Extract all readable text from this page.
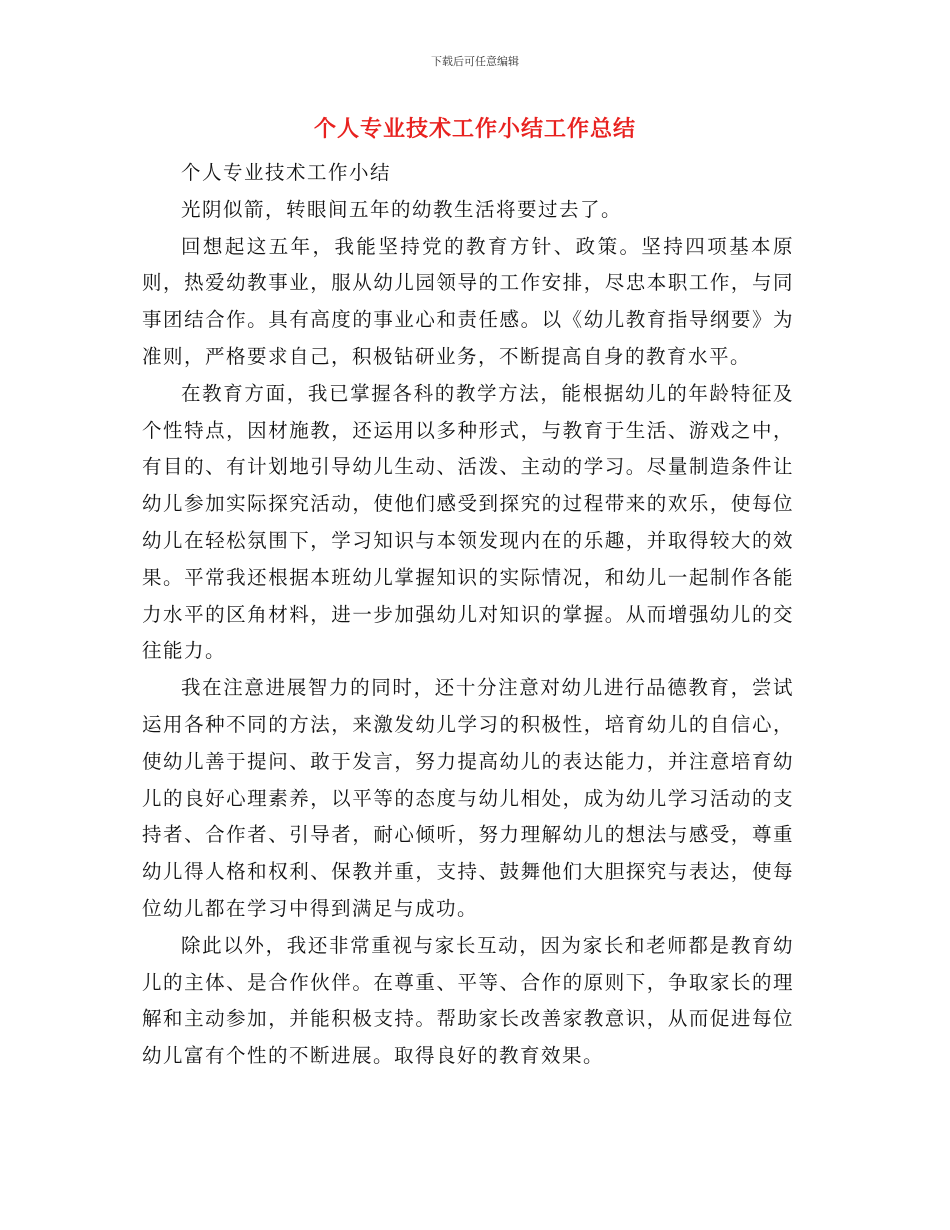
下载后可任意编辑
个人专业技术工作小结工作总结

个人专业技术工作小结

光阴似箭，转眼间五年的幼教生活将要过去了。

回想起这五年，我能坚持党的教育方针、政策。坚持四项基本原则，热爱幼教事业，服从幼儿园领导的工作安排，尽忠本职工作，与同事团结合作。具有高度的事业心和责任感。以《幼儿教育指导纲要》为准则，严格要求自己，积极钻研业务，不断提高自身的教育水平。

在教育方面，我已掌握各科的教学方法，能根据幼儿的年龄特征及个性特点，因材施教，还运用以多种形式，与教育于生活、游戏之中，有目的、有计划地引导幼儿生动、活泼、主动的学习。尽量制造条件让幼儿参加实际探究活动，使他们感受到探究的过程带来的欢乐，使每位幼儿在轻松氛围下，学习知识与本领发现内在的乐趣，并取得较大的效果。平常我还根据本班幼儿掌握知识的实际情况，和幼儿一起制作各能力水平的区角材料，进一步加强幼儿对知识的掌握。从而增强幼儿的交往能力。

我在注意进展智力的同时，还十分注意对幼儿进行品德教育，尝试运用各种不同的方法，来激发幼儿学习的积极性，培育幼儿的自信心，使幼儿善于提问、敢于发言，努力提高幼儿的表达能力，并注意培育幼儿的良好心理素养，以平等的态度与幼儿相处，成为幼儿学习活动的支持者、合作者、引导者，耐心倾听，努力理解幼儿的想法与感受，尊重幼儿得人格和权利、保教并重，支持、鼓舞他们大胆探究与表达，使每位幼儿都在学习中得到满足与成功。

除此以外，我还非常重视与家长互动，因为家长和老师都是教育幼儿的主体、是合作伙伴。在尊重、平等、合作的原则下，争取家长的理解和主动参加，并能积极支持。帮助家长改善家教意识，从而促进每位幼儿富有个性的不断进展。取得良好的教育效果。
